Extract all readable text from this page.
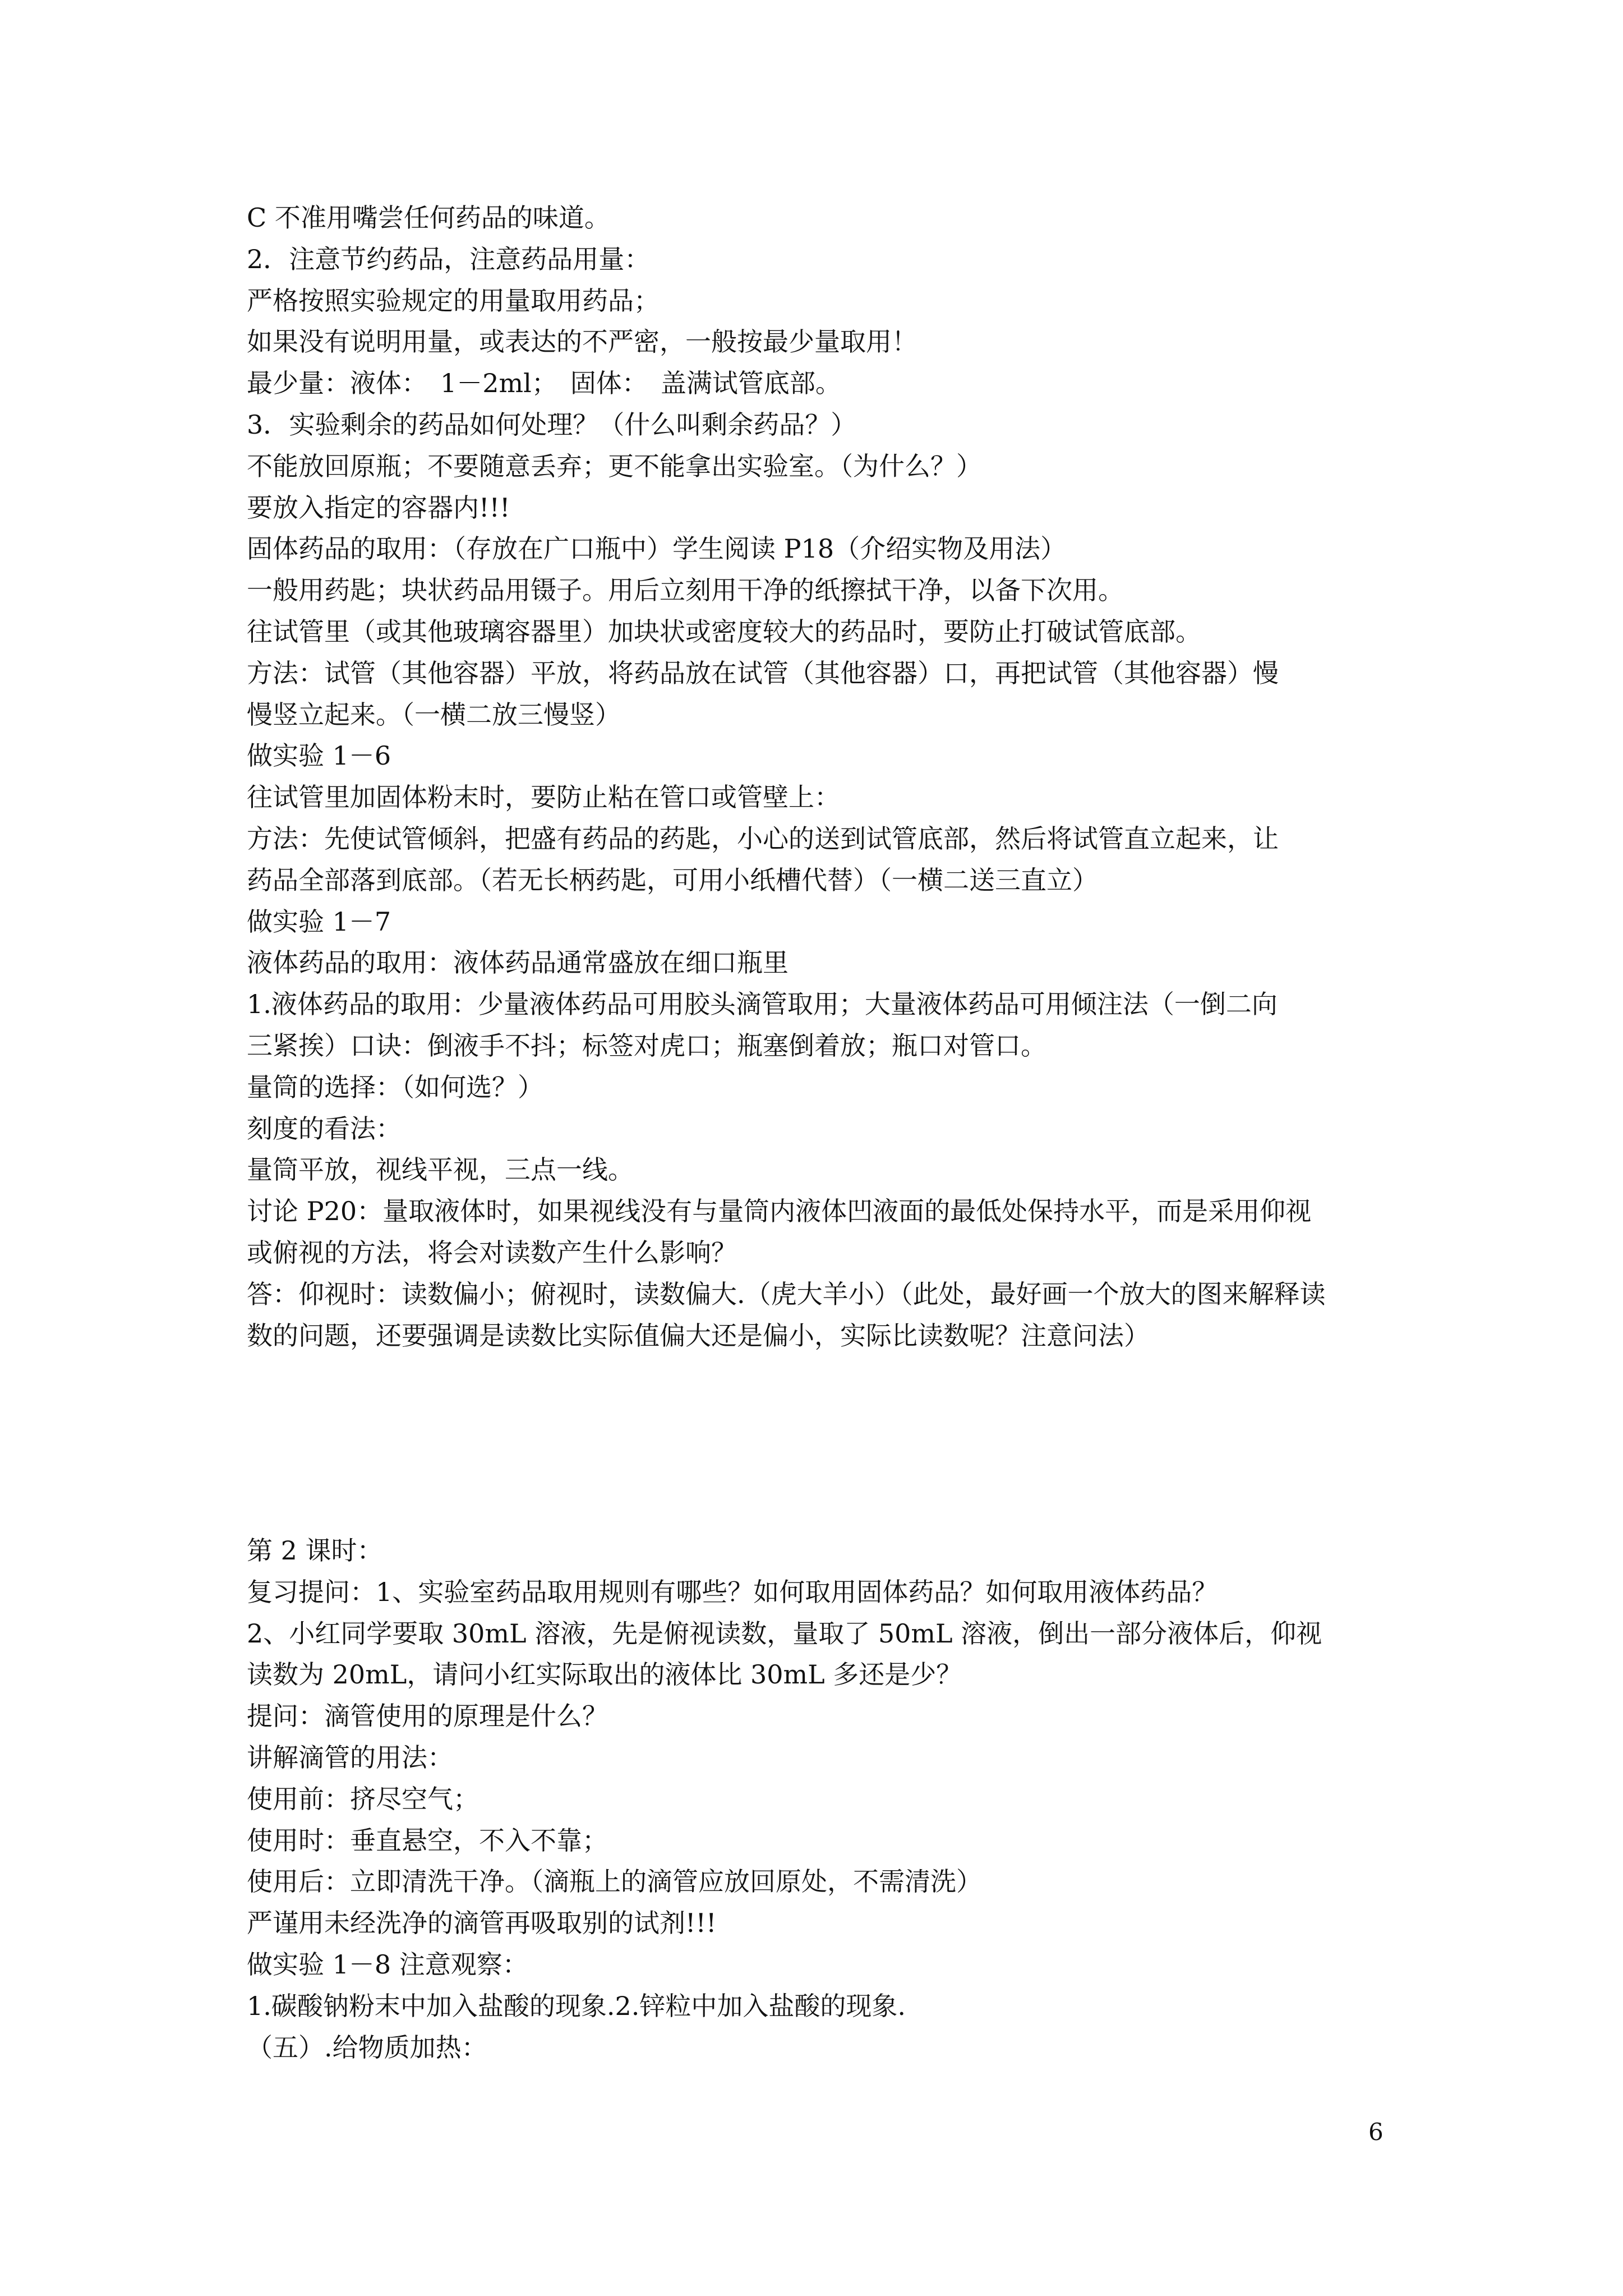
C 不准用嘴尝任何药品的味道。

2．注意节约药品，注意药品用量：

严格按照实验规定的用量取用药品；

如果没有说明用量，或表达的不严密，一般按最少量取用！

最少量：液体：　1－2ml；　固体：　盖满试管底部。

3．实验剩余的药品如何处理？（什么叫剩余药品？）

不能放回原瓶；不要随意丢弃；更不能拿出实验室。（为什么？）

要放入指定的容器内!!!

固体药品的取用：（存放在广口瓶中）学生阅读 P18（介绍实物及用法）

一般用药匙；块状药品用镊子。用后立刻用干净的纸擦拭干净，以备下次用。

往试管里（或其他玻璃容器里）加块状或密度较大的药品时，要防止打破试管底部。

方法：试管（其他容器）平放，将药品放在试管（其他容器）口，再把试管（其他容器）慢

慢竖立起来。（一横二放三慢竖）

做实验 1－6

往试管里加固体粉末时，要防止粘在管口或管壁上：

方法：先使试管倾斜，把盛有药品的药匙，小心的送到试管底部，然后将试管直立起来，让

药品全部落到底部。（若无长柄药匙，可用小纸槽代替）（一横二送三直立）

做实验 1－7

液体药品的取用：液体药品通常盛放在细口瓶里

1.液体药品的取用：少量液体药品可用胶头滴管取用；大量液体药品可用倾注法（一倒二向

三紧挨）口诀：倒液手不抖；标签对虎口；瓶塞倒着放；瓶口对管口。

量筒的选择：（如何选？）

刻度的看法：

量筒平放，视线平视，三点一线。

讨论 P20：量取液体时，如果视线没有与量筒内液体凹液面的最低处保持水平，而是采用仰视

或俯视的方法，将会对读数产生什么影响？

答：仰视时：读数偏小；俯视时，读数偏大.（虎大羊小）（此处，最好画一个放大的图来解释读

数的问题，还要强调是读数比实际值偏大还是偏小，实际比读数呢？注意问法）

第 2 课时：

复习提问：1、实验室药品取用规则有哪些？如何取用固体药品？如何取用液体药品？

2、小红同学要取 30mL 溶液，先是俯视读数，量取了 50mL 溶液，倒出一部分液体后，仰视

读数为 20mL，请问小红实际取出的液体比 30mL 多还是少？

提问：滴管使用的原理是什么？

讲解滴管的用法：

使用前：挤尽空气；

使用时：垂直悬空，不入不靠；

使用后：立即清洗干净。（滴瓶上的滴管应放回原处，不需清洗）

严谨用未经洗净的滴管再吸取别的试剂!!!

做实验 1－8 注意观察：

1.碳酸钠粉末中加入盐酸的现象.2.锌粒中加入盐酸的现象.

（五）.给物质加热：

6
